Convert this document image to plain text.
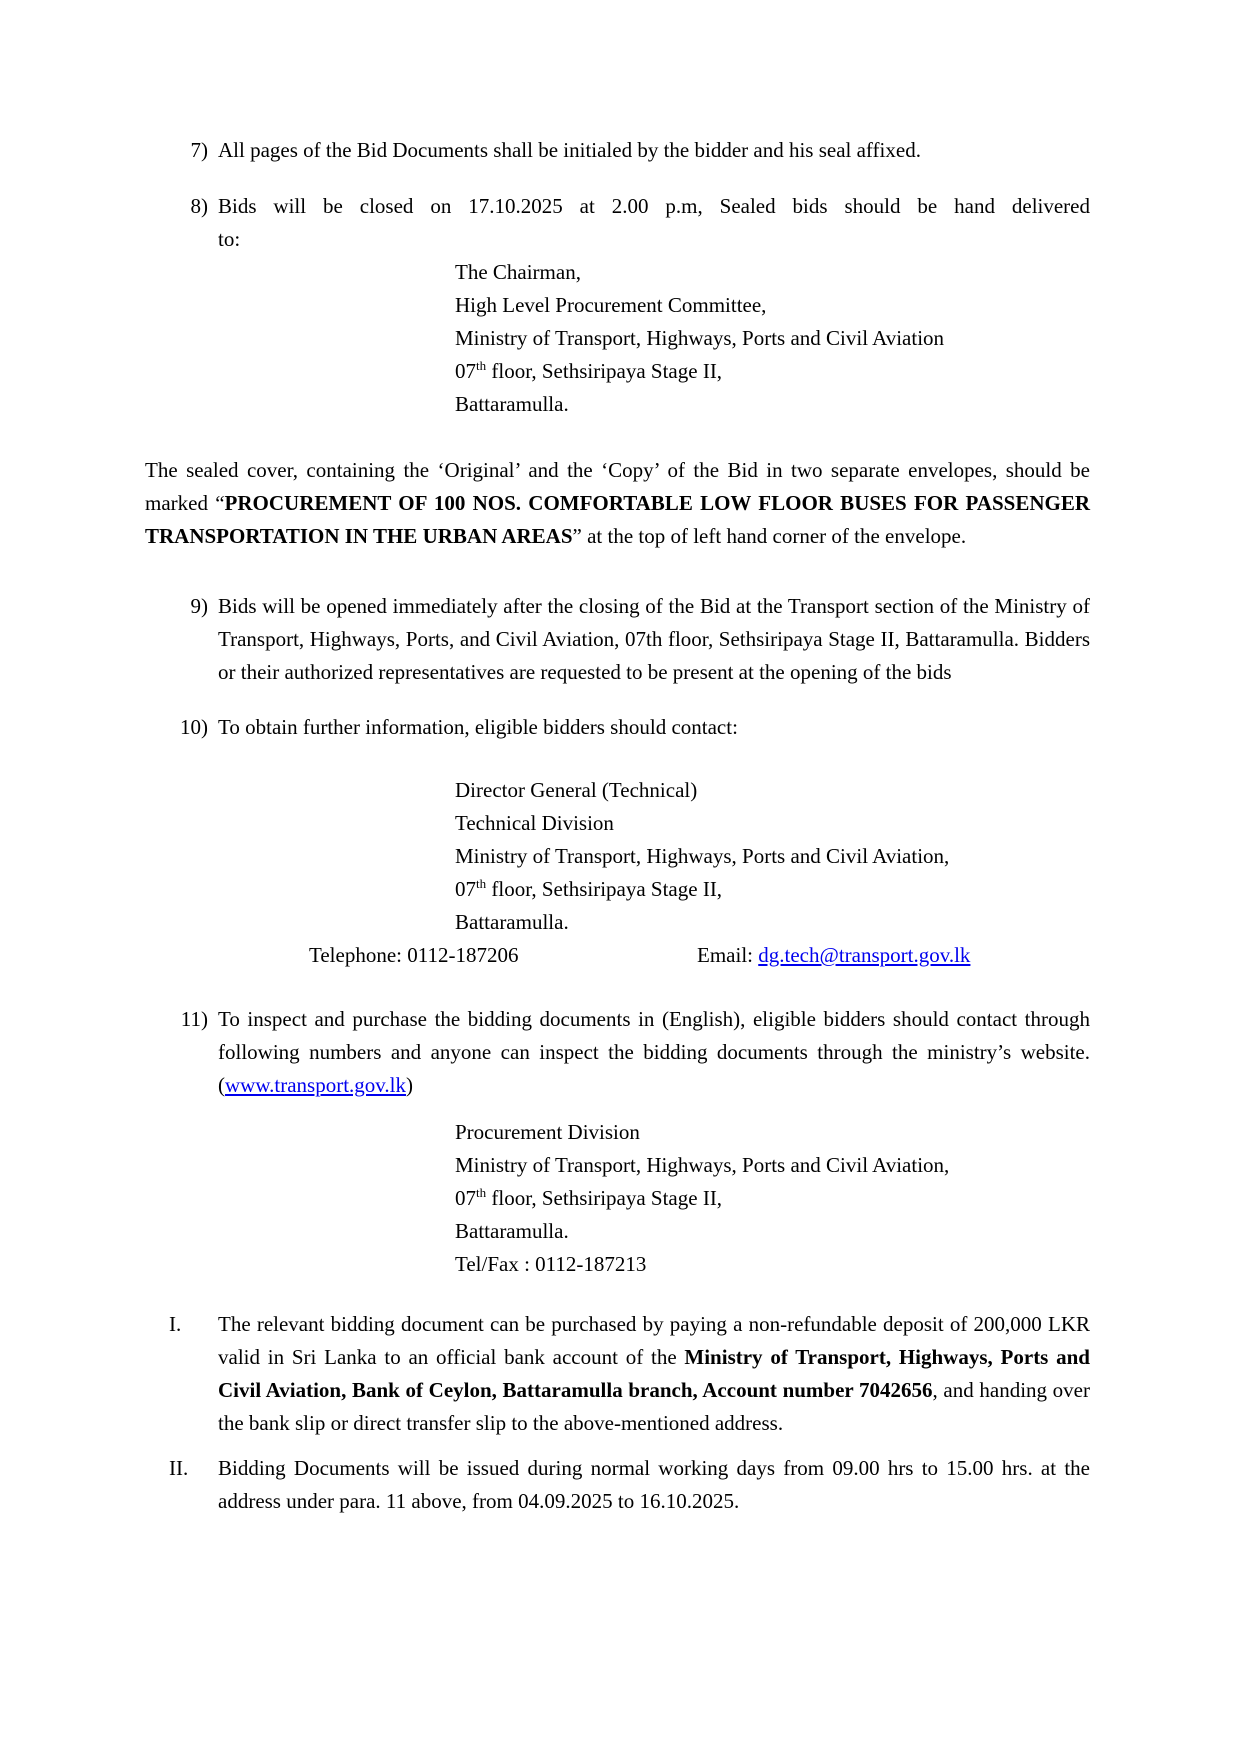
7) All pages of the Bid Documents shall be initialed by the bidder and his seal affixed.
8) Bids will be closed on 17.10.2025 at 2.00 p.m, Sealed bids should be hand delivered
to:
The Chairman,
High Level Procurement Committee,
Ministry of Transport, Highways, Ports and Civil Aviation
07th floor, Sethsiripaya Stage II,
Battaramulla.

The sealed cover, containing the ‘Original’ and the ‘Copy’ of the Bid in two separate envelopes, should be marked “PROCUREMENT OF 100 NOS. COMFORTABLE LOW FLOOR BUSES FOR PASSENGER TRANSPORTATION IN THE URBAN AREAS” at the top of left hand corner of the envelope.

9) Bids will be opened immediately after the closing of the Bid at the Transport section of the Ministry of Transport, Highways, Ports, and Civil Aviation, 07th floor, Sethsiripaya Stage II, Battaramulla. Bidders or their authorized representatives are requested to be present at the opening of the bids
10) To obtain further information, eligible bidders should contact:
Director General (Technical)
Technical Division
Ministry of Transport, Highways, Ports and Civil Aviation,
07th floor, Sethsiripaya Stage II,
Battaramulla.
Telephone: 0112-187206	Email: dg.tech@transport.gov.lk
11) To inspect and purchase the bidding documents in (English), eligible bidders should contact through following numbers and anyone can inspect the bidding documents through the ministry’s website. (www.transport.gov.lk)
Procurement Division
Ministry of Transport, Highways, Ports and Civil Aviation,
07th floor, Sethsiripaya Stage II,
Battaramulla.
Tel/Fax : 0112-187213
I.	The relevant bidding document can be purchased by paying a non-refundable deposit of 200,000 LKR valid in Sri Lanka to an official bank account of the Ministry of Transport, Highways, Ports and Civil Aviation, Bank of Ceylon, Battaramulla branch, Account number 7042656, and handing over the bank slip or direct transfer slip to the above-mentioned address.
II.	Bidding Documents will be issued during normal working days from 09.00 hrs to 15.00 hrs. at the address under para. 11 above, from 04.09.2025 to 16.10.2025.
